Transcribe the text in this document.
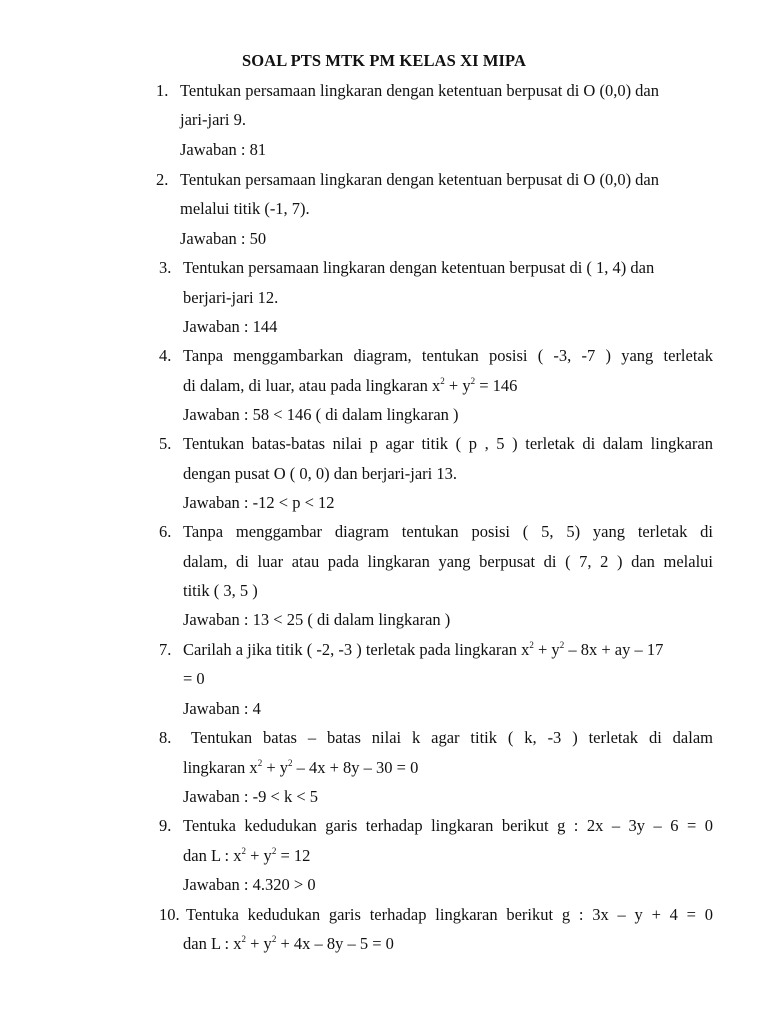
SOAL PTS MTK PM KELAS XI MIPA
1. Tentukan persamaan lingkaran dengan ketentuan berpusat di O (0,0) dan
jari-jari 9.
Jawaban : 81
2. Tentukan persamaan lingkaran dengan ketentuan berpusat di O (0,0) dan
melalui titik (-1, 7).
Jawaban : 50
3. Tentukan persamaan lingkaran dengan ketentuan berpusat di ( 1, 4) dan
berjari-jari 12.
Jawaban : 144
4. Tanpa menggambarkan diagram, tentukan posisi ( -3, -7 ) yang terletak
di dalam, di luar, atau pada lingkaran $x^2 + y^2 = 146$
Jawaban : 58 < 146 ( di dalam lingkaran )
5. Tentukan batas-batas nilai p agar titik ( p , 5 ) terletak di dalam lingkaran
dengan pusat O ( 0, 0) dan berjari-jari 13.
Jawaban : -12 < p < 12
6. Tanpa menggambar diagram tentukan posisi ( 5, 5) yang terletak di
dalam, di luar atau pada lingkaran yang berpusat di ( 7, 2 ) dan melalui
titik ( 3, 5 )
Jawaban : 13 < 25 ( di dalam lingkaran )
7. Carilah a jika titik ( -2, -3 ) terletak pada lingkaran $x^2 + y^2 - 8x$ + ay – 17
= 0
Jawaban : 4
8. Tentukan batas – batas nilai k agar titik ( k, -3 ) terletak di dalam
lingkaran $x^2 + y^2 - 4x + 8y - 30 = 0$
Jawaban : -9 < k < 5
9. Tentuka kedudukan garis terhadap lingkaran berikut g : 2x – 3y – 6 = 0
dan L : $x^2 + y^2 = 12$
Jawaban : 4.320 > 0
10. Tentuka kedudukan garis terhadap lingkaran berikut g : 3x – y + 4 = 0
dan L : $x^2 + y^2 + 4x - 8y - 5 = 0$
